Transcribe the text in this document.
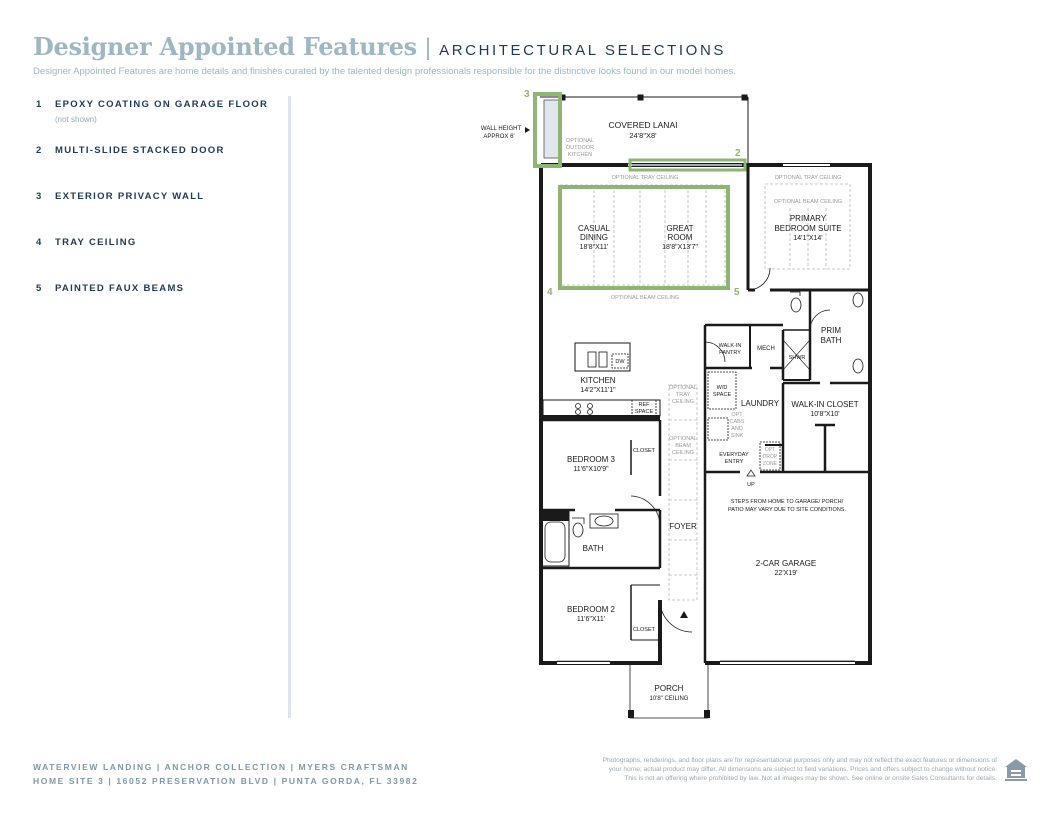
Designer Appointed Features | ARCHITECTURAL SELECTIONS
Designer Appointed Features are home details and finishes curated by the talented design professionals responsible for the distinctive looks found in our model homes.
1 EPOXY COATING ON GARAGE FLOOR
(not shown)
2 MULTI-SLIDE STACKED DOOR
3 EXTERIOR PRIVACY WALL
4 TRAY CEILING
5 PAINTED FAUX BEAMS
3
2
4	5
WALL HEIGHT
APPROX 6'
COVERED LANAI
24'8"X8'
OPTIONAL
OUTDOOR
KITCHEN
OPTIONAL TRAY CEILING	OPTIONAL TRAY CEILING
OPTIONAL BEAM CEILING
OPTIONAL BEAM CEILING
CASUAL
DINING
18'8"X11'
GREAT
ROOM
18'8"X13'7"
PRIMARY
BEDROOM SUITE
14'1"X14'
WALK-IN
PANTRY
MECH
PRIM
BATH
SHWR
DW
KITCHEN
14'2"X11'1"
REF
SPACE
OPTIONAL
TRAY
CEILING
OPTIONAL
BEAM
CEILING
W/D
SPACE
LAUNDRY
OPT
CABS
AND
SINK
WALK-IN CLOSET
10'8"X10'
EVERYDAY
ENTRY
OPT
DROP
ZONE
UP
BEDROOM 3
11'6"X10'9"
CLOSET
STEPS FROM HOME TO GARAGE/ PORCH/
PATIO MAY VARY DUE TO SITE CONDITIONS.
BATH
FOYER
2-CAR GARAGE
22'X19'
BEDROOM 2
11'6"X11'
CLOSET
PORCH
10'8" CEILING
WATERVIEW LANDING | ANCHOR COLLECTION | MYERS CRAFTSMAN
HOME SITE 3 | 16052 PRESERVATION BLVD | PUNTA GORDA, FL 33982
Photographs, renderings, and floor plans are for representational purposes only and may not reflect the exact features or dimensions of
your home; actual product may differ. All dimensions are subject to field variations. Prices and offers subject to change without notice.
This is not an offering where prohibited by law. Not all images may be shown. See online or onsite Sales Consultants for details.
